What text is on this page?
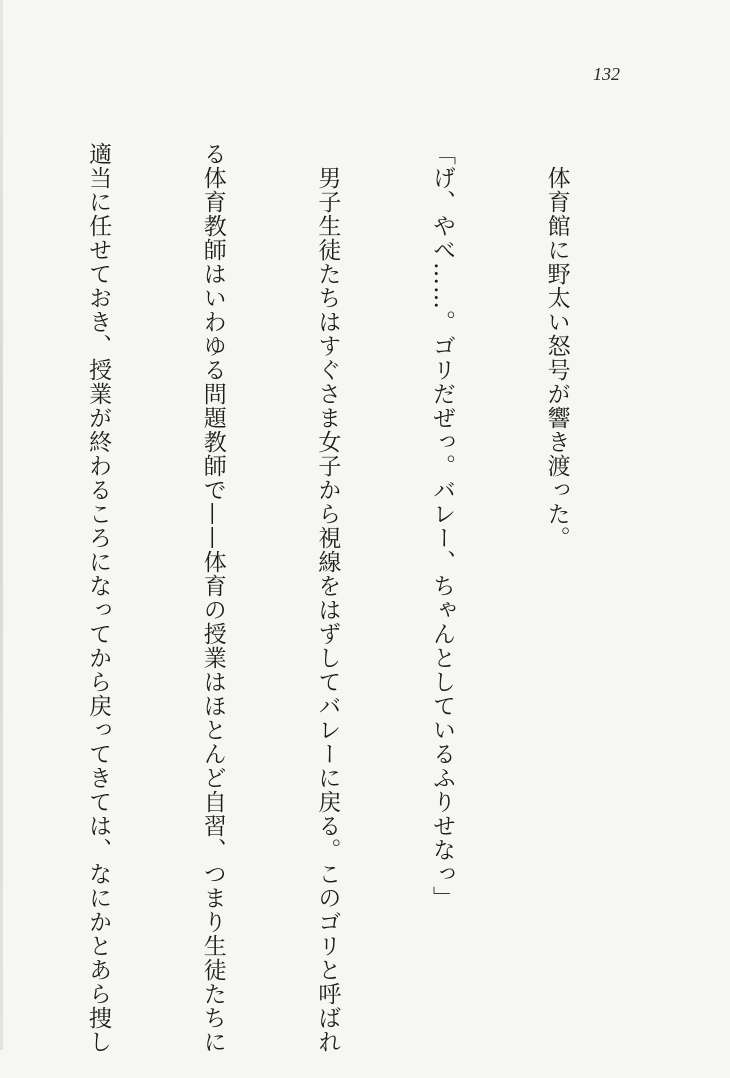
132

　体育館に野太い怒号が響き渡った。

「げ、やべ……。ゴリだぜっ。バレー、ちゃんとしているふりせなっ」

　男子生徒たちはすぐさま女子から視線をはずしてバレーに戻る。このゴリと呼ばれ

る体育教師はいわゆる問題教師で——体育の授業はほとんど自習、つまり生徒たちに

適当に任せておき、授業が終わるころになってから戻ってきては、なにかとあら捜し
